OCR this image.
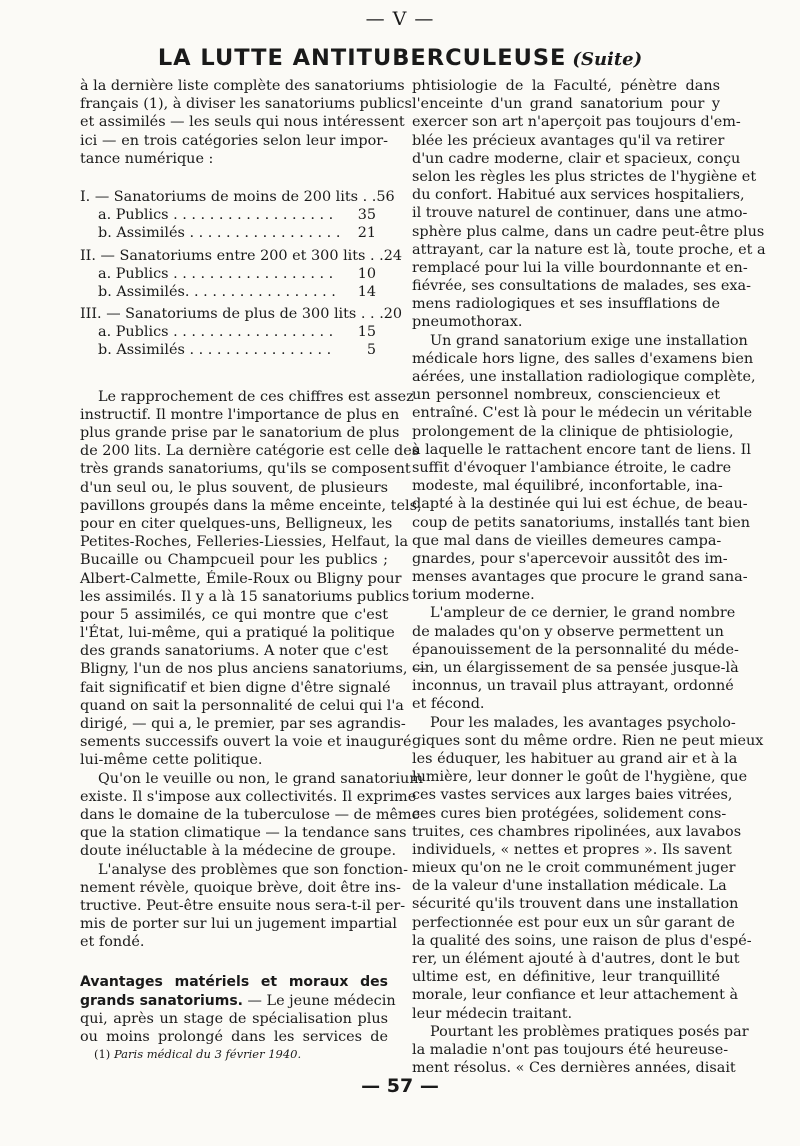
— V —
LA LUTTE ANTITUBERCULEUSE (Suite)

à la dernière liste complète des sanatoriums
français (1), à diviser les sanatoriums publics
et assimilés — les seuls qui nous intéressent
ici — en trois catégories selon leur impor-
tance numérique :

I. — Sanatoriums de moins de 200 lits . . 56
a. Publics . . . . . . . . . . . . . . . . . .	35
b. Assimilés . . . . . . . . . . . . . . . . .	21
II. — Sanatoriums entre 200 et 300 lits . . 24
a. Publics . . . . . . . . . . . . . . . . . .	10
b. Assimilés. . . . . . . . . . . . . . . . .	14
III. — Sanatoriums de plus de 300 lits . . . 20
a. Publics . . . . . . . . . . . . . . . . . .	15
b. Assimilés . . . . . . . . . . . . . . . .	5

Le rapprochement de ces chiffres est assez
instructif. Il montre l'importance de plus en
plus grande prise par le sanatorium de plus
de 200 lits. La dernière catégorie est celle des
très grands sanatoriums, qu'ils se composent
d'un seul ou, le plus souvent, de plusieurs
pavillons groupés dans la même enceinte, tels,
pour en citer quelques-uns, Belligneux, les
Petites-Roches, Felleries-Liessies, Helfaut, la
Bucaille ou Champcueil pour les publics ;
Albert-Calmette, Émile-Roux ou Bligny pour
les assimilés. Il y a là 15 sanatoriums publics
pour 5 assimilés, ce qui montre que c'est
l'État, lui-même, qui a pratiqué la politique
des grands sanatoriums. A noter que c'est
Bligny, l'un de nos plus anciens sanatoriums, —
fait significatif et bien digne d'être signalé
quand on sait la personnalité de celui qui l'a
dirigé, — qui a, le premier, par ses agrandis-
sements successifs ouvert la voie et inauguré
lui-même cette politique.

Qu'on le veuille ou non, le grand sanatorium
existe. Il s'impose aux collectivités. Il exprime
dans le domaine de la tuberculose — de même
que la station climatique — la tendance sans
doute inéluctable à la médecine de groupe.

L'analyse des problèmes que son fonction-
nement révèle, quoique brève, doit être ins-
tructive. Peut-être ensuite nous sera-t-il per-
mis de porter sur lui un jugement impartial
et fondé.

Avantages matériels et moraux des
grands sanatoriums. — Le jeune médecin
qui, après un stage de spécialisation plus
ou moins prolongé dans les services de

phtisiologie de la Faculté, pénètre dans
l'enceinte d'un grand sanatorium pour y
exercer son art n'aperçoit pas toujours d'em-
blée les précieux avantages qu'il va retirer
d'un cadre moderne, clair et spacieux, conçu
selon les règles les plus strictes de l'hygiène et
du confort. Habitué aux services hospitaliers,
il trouve naturel de continuer, dans une atmo-
sphère plus calme, dans un cadre peut-être plus
attrayant, car la nature est là, toute proche, et a
remplacé pour lui la ville bourdonnante et en-
fiévrée, ses consultations de malades, ses exa-
mens radiologiques et ses insufflations de
pneumothorax.

Un grand sanatorium exige une installation
médicale hors ligne, des salles d'examens bien
aérées, une installation radiologique complète,
un personnel nombreux, consciencieux et
entraîné. C'est là pour le médecin un véritable
prolongement de la clinique de phtisiologie,
à laquelle le rattachent encore tant de liens. Il
suffit d'évoquer l'ambiance étroite, le cadre
modeste, mal équilibré, inconfortable, ina-
dapté à la destinée qui lui est échue, de beau-
coup de petits sanatoriums, installés tant bien
que mal dans de vieilles demeures campa-
gnardes, pour s'apercevoir aussitôt des im-
menses avantages que procure le grand sana-
torium moderne.

L'ampleur de ce dernier, le grand nombre
de malades qu'on y observe permettent un
épanouissement de la personnalité du méde-
cin, un élargissement de sa pensée jusque-là
inconnus, un travail plus attrayant, ordonné
et fécond.

Pour les malades, les avantages psycholo-
giques sont du même ordre. Rien ne peut mieux
les éduquer, les habituer au grand air et à la
lumière, leur donner le goût de l'hygiène, que
ces vastes services aux larges baies vitrées,
ces cures bien protégées, solidement cons-
truites, ces chambres ripolinées, aux lavabos
individuels, « nettes et propres ». Ils savent
mieux qu'on ne le croit communément juger
de la valeur d'une installation médicale. La
sécurité qu'ils trouvent dans une installation
perfectionnée est pour eux un sûr garant de
la qualité des soins, une raison de plus d'espé-
rer, un élément ajouté à d'autres, dont le but
ultime est, en définitive, leur tranquillité
morale, leur confiance et leur attachement à
leur médecin traitant.

Pourtant les problèmes pratiques posés par
la maladie n'ont pas toujours été heureuse-
ment résolus. « Ces dernières années, disait

(1) Paris médical du 3 février 1940.
— 57 —
